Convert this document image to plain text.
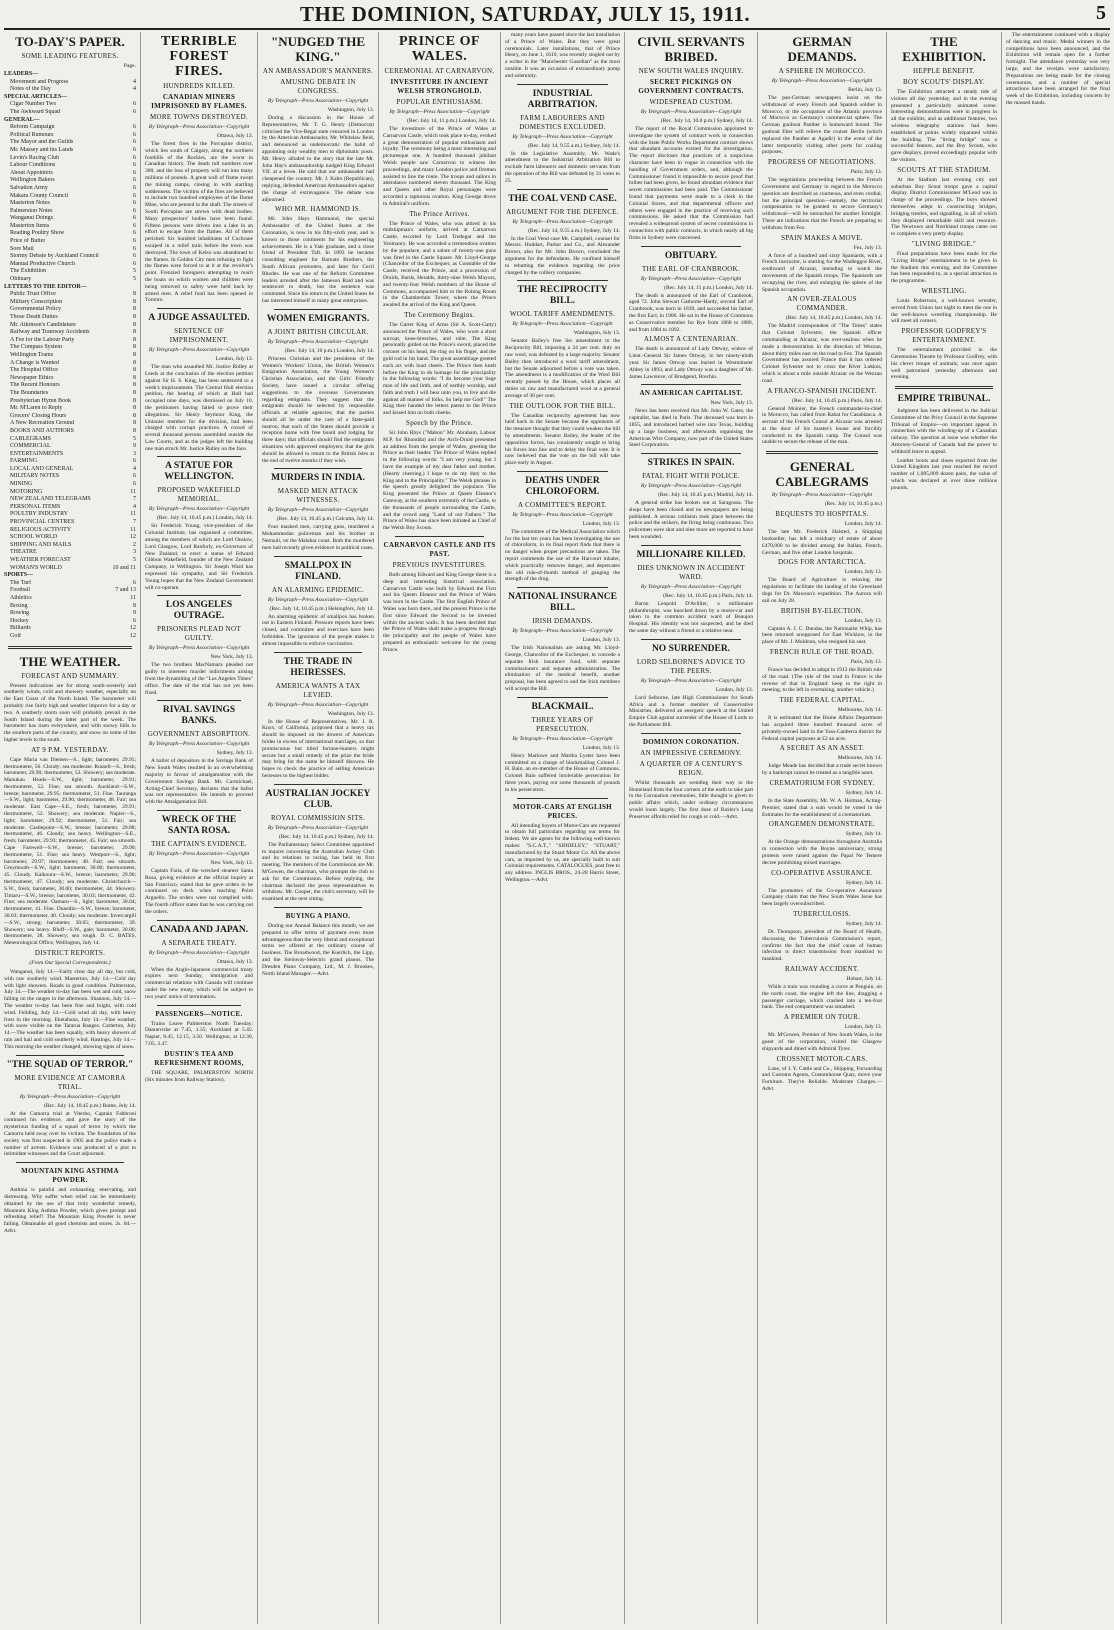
THE DOMINION, SATURDAY, JULY 15, 1911.	5
TO-DAY'S PAPER.
SOME LEADING FEATURES.
Page.
LEADERS—
Movement and Progress	4
Notes of the Day	4
SPECIAL ARTICLES—
Cigar Number Two	6
The Awkward Squad	6
GENERAL—
Reform Campaign	6
Political Rumours	6
The Mayor and the Guilds	6
Mr. Massey and his Lands	6
Levin's Racing Club	6
Labour Conditions	6
About Appointers	6
Wellington Bakers	6
Salvation Army	6
Makara County Council	6
Masterton Notes	6
Palmerston Notes	6
Wanganui Doings	6
Masterton Items	6
Reading Poultry Show	6
Price of Butter	6
Sore Mail	6
Stormy Debate by Auckland Council	6
Manual Productive Church	6
The Exhibition	5
Obituary	5
LETTERS TO THE EDITOR—
Public Trust Office	8
Military Conscription	8
Governmental Policy	8
Those Death Duties	8
Mr. Atkinson's Candidature	8
Railway and Tramway Accidents	8
A Fee for the Labour Party	8
The Compass System	8
Wellington Trams	8
A Change is Wanted	8
The Hospital Office	8
Newspaper Ethics	8
The Recent Honours	8
The Boundaries	8
Presbyterian Hymn Book	8
Mr. M'Laren to Reply	8
Grocers' Closing Hours	8
A New Recreation Ground	8
BOOKS AND AUTHORS	8
CABLEGRAMS	5
COMMERCIAL	9
ENTERTAINMENTS	3
FARMING	6
LOCAL AND GENERAL	4
MILITARY NOTES	6
MINING	6
MOTORING	11
NEW ZEALAND TELEGRAMS	7
PERSONAL ITEMS	4
POULTRY INDUSTRY	11
PROVINCIAL CENTRES	7
RELIGIOUS ACTIVITY	11
SCHOOL WORLD	12
SHIPPING AND MAILS	2
THEATRE	3
WEATHER FORECAST	5
WOMAN'S WORLD	10 and 11
SPORTS—
The Turf	6
Football	7 and 13
Athletics	11
Boxing	8
Rowing	9
Hockey	6
Billiards	12
Golf	12
THE WEATHER.
FORECAST AND SUMMARY.
Present indications are for strong south-westerly and southerly winds, cold and showery weather, especially on the East Coast of the North Island. The barometer will probably rise fairly high and weather improve for a day or two. A southerly storm soon will probably prevail in the South Island during the latter part of the week. The barometer has risen everywhere, and with snowy hills in the southern parts of the country, and snow on some of the higher levels to the south.
AT 9 P.M. YESTERDAY.
Cape Maria van Diemen—S., light; barometer, 29.95; thermometer, 56. Cloudy; sea moderate. Russell—S., fresh; barometer, 29.90; thermometer, 53. Showery; sea moderate. Manukau Heads—S.W., light; barometer, 29.91; thermometer, 52. Fine; sea smooth. Auckland—S.W., breeze; barometer, 29.95; thermometer, 51. Fine. Tauranga—S.W., light; barometer, 29.96; thermometer, 48. Fair; sea moderate. East Cape—S.E., fresh; barometer, 29.91; thermometer, 52. Showery; sea moderate. Napier—S., light; barometer, 29.92; thermometer, 51. Fair; sea moderate. Castlepoint—S.W., breeze; barometer, 29.88; thermometer, 46. Cloudy; sea heavy. Wellington—S.E., fresh; barometer, 29.93; thermometer, 45. Fair; sea smooth. Cape Farewell—S.W., breeze; barometer, 29.90; thermometer, 51. Fine; sea heavy. Westport—S., light; barometer, 29.97; thermometer, 48. Fair; sea smooth. Greymouth—S.W., light; barometer, 30.00; thermometer, 45. Cloudy. Kaikoura—S.W., breeze; barometer, 29.96; thermometer, 47. Cloudy; sea moderate. Christchurch—S.W., fresh; barometer, 30.00; thermometer, 44. Showery. Timaru—S.W., breeze; barometer, 30.03; thermometer, 42. Fine; sea moderate. Oamaru—S., light; barometer, 30.04; thermometer, 41. Fine. Dunedin—S.W., breeze; barometer, 30.03; thermometer, 40. Cloudy; sea moderate. Invercargill—S.W., strong; barometer, 30.05; thermometer, 39. Showery; sea heavy. Bluff—S.W., gale; barometer, 30.06; thermometer, 38. Showery; sea rough. D. C. BATES, Meteorological Office, Wellington, July 14.
DISTRICT REPORTS.
(From Our Special Correspondents.)
Wanganui, July 14.—Fairly clear day all day, but cold, with raw southerly wind. Masterton, July 14.—Cold day with light showers. Roads in good condition. Palmerston, July 14.—The weather to-day has been wet and cold, snow falling on the ranges in the afternoon. Shannon, July 14.—The weather to-day has been fine and bright, with cold wind. Feilding, July 14.—Cold wind all day, with heavy frost in the morning. Eketahuna, July 14.—Fine weather, with snow visible on the Tararua Ranges. Carterton, July 14.—The weather has been squally, with heavy showers of rain and hail and cold southerly wind. Hastings, July 14.—This morning the weather changed, showing signs of snow.
"THE SQUAD OF TERROR."
MORE EVIDENCE AT CAMORRA TRIAL.
By Telegraph—Press Association—Copyright
(Rec. July 14, 10.45 p.m.) Rome, July 14.
At the Camorra trial at Viterbo, Captain Fabbroni continued his evidence, and gave the story of the mysterious funding of a squad of terror by which the Camorra held sway over its victims. The foundation of the society was first suspected in 1905 and the police made a number of arrests. Evidence was produced of a plot to intimidate witnesses and the Court adjourned.
MOUNTAIN KING ASTHMA POWDER.
Asthma is painful and exhausting, enervating, and distressing. Why suffer when relief can be immediately obtained by the use of that truly wonderful remedy, Mountain King Asthma Powder, which gives prompt and refreshing relief? The Mountain King Powder is never failing. Obtainable all good chemists and stores. 2s. 6d.—Advt.
TERRIBLE FOREST FIRES.
HUNDREDS KILLED.
CANADIAN MINERS IMPRISONED BY FLAMES.
MORE TOWNS DESTROYED.
By Telegraph—Press Association—Copyright
Ottawa, July 13.
The forest fires in the Porcupine district, which lies south of Calgary, along the northern foothills of the Rockies, are the worst in Canadian history. The death toll numbers over 300, and the loss of property will run into many millions of pounds. A great wall of flame swept the mining camps, closing in with startling suddenness. The victims of the fires are believed to include two hundred employees of the Dome Mine, who are penned in the shaft. The streets of South Porcupine are strewn with dead bodies. Many prospectors' bodies have been found. Fifteen persons were driven into a lake in an effort to escape from the flames. All of them perished. Six hundred inhabitants of Cochrane escaped in a relief train before the town was destroyed. The town of Kelso was abandoned to the flames. In Golden City men refusing to fight the flames were forced to at it at the revolver's point. Frenzied foreigners attempting to reach the boats on which women and children were being removed to safety were held back by armed men. A relief fund has been opened in Toronto.
A JUDGE ASSAULTED.
SENTENCE OF IMPRISONMENT.
By Telegraph—Press Association—Copyright
London, July 13.
The man who assaulted Mr. Justice Ridley at Leeds at the conclusion of the election petition against Sir H. S. King, has been sentenced to a week's imprisonment. The Central Hull election petition, the hearing of which at Hull had occupied nine days, was dismissed on July 10, the petitioners having failed to prove their allegations. Sir Henry Seymour King, the Unionist member for the division, had been charged with corrupt practices. A crowd of several thousand persons assembled outside the Law Courts, and as the judges left the building one man struck Mr. Justice Ridley on the face.
A STATUE FOR WELLINGTON.
PROPOSED WAKEFIELD MEMORIAL.
By Telegraph—Press Association—Copyright
(Rec. July 14, 10.45 p.m.) London, July 14.
Sir Frederick Young, vice-president of the Colonial Institute, has organised a committee, among the members of which are Lord Onslow, Lord Glasgow, Lord Ranfurly, ex-Governors of New Zealand, to erect a statue of Edward Gibbon Wakefield, founder of the New Zealand Company, in Wellington. Sir Joseph Ward has expressed his sympathy, and Sir Frederick Young hopes that the New Zealand Government will co-operate.
LOS ANGELES OUTRAGE.
PRISONERS PLEAD NOT GUILTY.
By Telegraph—Press Association—Copyright
New York, July 13.
The two brothers MacNamara pleaded not guilty to nineteen murder indictments arising from the dynamiting of the "Los Angeles Times" office. The date of the trial has not yet been fixed.
RIVAL SAVINGS BANKS.
GOVERNMENT ABSORPTION.
By Telegraph—Press Association—Copyright
Sydney, July 13.
A ballot of depositors in the Savings Bank of New South Wales resulted in an overwhelming majority in favour of amalgamation with the Government Savings Bank. Mr. Carmichael, Acting-Chief Secretary, declares that the ballot was not representative. He intends to proceed with the Amalgamation Bill.
WRECK OF THE SANTA ROSA.
THE CAPTAIN'S EVIDENCE.
By Telegraph—Press Association—Copyright
New York, July 13.
Captain Faria, of the wrecked steamer Santa Rosa, giving evidence at the official inquiry at San Francisco, stated that he gave orders to be continued on deck when reaching Point Arguello. The orders were not complied with. The fourth officer states that he was carrying out the orders.
CANADA AND JAPAN.
A SEPARATE TREATY.
By Telegraph—Press Association—Copyright
Ottawa, July 13.
When the Anglo-Japanese commercial treaty expires next Sunday, immigration and commercial relations with Canada will continue under the new treaty, which will be subject to two years' notice of termination.
PASSENGERS—NOTICE.
Trains Leave Palmerston North Tuesday: Dannevirke at 7.45, 1.35; Auckland at 5.45. Napier, 8.45, 12.15, 3.50. Wellington, at 12.30, 7.05, 3.47.
DUSTIN'S TEA AND REFRESHMENT ROOMS,
THE SQUARE, PALMERSTON NORTH (Six minutes from Railway Station).
"NUDGED THE KING."
AN AMBASSADOR'S MANNERS.
AMUSING DEBATE IN CONGRESS.
By Telegraph—Press Association—Copyright
Washington, July 13.
During a discussion in the House of Representatives, Mr. T. G. Henry (Democrat) criticised the Vice-Regal state censured in London by the American Ambassador, Mr. Whitelaw Reid, and denounced as undemocratic the habit of appointing only wealthy men to diplomatic posts. Mr. Henry alluded to the story that the late Mr. John Hay's ambassadorship nudged King Edward VII. at a levee. He said that our ambassador had cheapened the country. Mr. J. Kahn (Republican), replying, defended American Ambassadors against the charge of extravagance. The debate was adjourned.
WHO MR. HAMMOND IS.
Mr. John Hays Hammond, the special Ambassador of the United States at the Coronation, is now in his fifty-sixth year, and is known to those continents for his engineering achievements. He is a Yale graduate, and a close friend of President Taft. In 1893 he became consulting engineer for Barnato Brothers, the South African promoters, and later for Cecil Rhodes. He was one of the Reform Committee leaders arrested after the Jameson Raid and was sentenced to death, but the sentence was commuted. Since his return to the United States he has interested himself in many great enterprises.
WOMEN EMIGRANTS.
A JOINT BRITISH CIRCULAR.
By Telegraph—Press Association—Copyright
(Rec. July 14, 10 p.m.) London, July 14.
Princess Christian and the presidents of the Women's Workers' Union, the British Women's Emigration Association, the Young Women's Christian Association, and the Girls' Friendly Society, have issued a circular offering suggestions to the overseas Governments regarding emigrants. They suggest that the emigrants should be selected by responsible officials at reliable agencies; that the parties should all be under the care of a State-paid matron; that each of the States should provide a reception home with free board and lodging for three days; that officials should find the emigrants situations with approved employers; that the girls should be allowed to return to the British Isles at the end of twelve months if they wish.
MURDERS IN INDIA.
MASKED MEN ATTACK WITNESSES.
By Telegraph—Press Association—Copyright
(Rec. July 14, 10.45 p.m.) Calcutta, July 14.
Four masked men, carrying guns, murdered a Mohammedan policeman and his brother at Netrauli, on the Malabar coast. Both the murdered men had recently given evidence in political cases.
SMALLPOX IN FINLAND.
AN ALARMING EPIDEMIC.
By Telegraph—Press Association—Copyright
(Rec. July 14, 10.45 p.m.) Helsingfors, July 14.
An alarming epidemic of smallpox has broken out in Eastern Finland. Pressure reports have been closed, and committee and exercises have been forbidden. The ignorance of the people makes it almost impossible to enforce vaccination.
THE TRADE IN HEIRESSES.
AMERICA WANTS A TAX LEVIED.
By Telegraph—Press Association—Copyright
Washington, July 13.
In the House of Representatives, Mr. J. R. Knox, of California, proposed that a heavy tax should be imposed on the dowers of American brides in excess of international marriages, so that promiscuous but titled fortune-hunters might secure but a small remedy of the prize the bride may bring for the name he himself disowns. He hopes to check the practice of selling American heiresses to the highest bidder.
AUSTRALIAN JOCKEY CLUB.
ROYAL COMMISSION SITS.
By Telegraph—Press Association—Copyright
(Rec. July 14, 10.45 p.m.) Sydney, July 14.
The Parliamentary Select Committee appointed to inquire concerning the Australian Jockey Club and its relations to racing, has held its first meeting. The members of the Commission are Mr. M'Gowen, the chairman, who prompts the club to ask for the Commission. Before replying, the chairman declared the press representatives to withdraw. Mr. Cooper, the club's secretary, will be examined at the next sitting.
BUYING A PIANO.
During our Annual Balance this month, we are prepared to offer terms of payment even more advantageous than the very liberal and exceptional terms we offered at the ordinary course of business. The Broadwood, the Kuerlich, the Lipp, and the Steinway-Selectric grand pianos. The Dresden Piano Company, Ltd., M. J. Brookes, North Island Manager.—Advt.
PRINCE OF WALES.
CEREMONIAL AT CARNARVON.
INVESTITURE IN ANCIENT WELSH STRONGHOLD.
POPULAR ENTHUSIASM.
By Telegraph—Press Association—Copyright
(Rec. July 14, 11 p.m.) London, July 14.
The investiture of the Prince of Wales at Carnarvon Castle, which took place to-day, evoked a great demonstration of popular enthusiasm and loyalty. The ceremony being a most interesting and picturesque one. A hundred thousand jubilant Welsh people saw Carnarvon to witness the proceedings, and many London police and firemen assisted to line the route. The troops and sailors in attendance numbered eleven thousand. The King and Queen and other Royal personages were accorded a rapturous ovation. King George drove in Admiral's uniform.
The Prince Arrives.
The Prince of Wales, who was attired in his midshipman's uniform, arrived at Carnarvon Castle, escorted by Lord Tredegar and the Yeomanry. He was accorded a tremendous ovation by the populace, and a salute of twenty-one guns was fired in the Castle Square. Mr. Lloyd-George (Chancellor of the Exchequer, as Constable of the Castle, received the Prince, and a procession of Druids, Bards, Heralds, thirty-nine Welsh Mayors, and twenty-four Welsh members of the House of Commons, accompanied him to the Robing Room in the Chamberlain Tower, where the Prince awaited the arrival of the King and Queen.
The Ceremony Begins.
The Garter King of Arms (Sir A. Scott-Gatty) announced the Prince of Wales, who wore a short surcoat, knee-breeches, and robe. The King personally girded on the Prince's sword, placed the coronet on his head, the ring on his finger, and the gold rod in his hand. The great assemblage greeted each act with loud cheers. The Prince then knelt before the King to do homage for the principality in the following words: "I do become your liege man of life and limb, and of earthly worship, and faith and truth I will bear unto you, to live and die against all manner of folks. So help me God!" The King then handed the letters patent to the Prince and kissed him on both cheeks.
Speech by the Prince.
Sir John Rhys ("Mabon" Mr. Abraham, Labour M.P. for Rhondda) and the Arch-Druid presented an address from the people of Wales, greeting the Prince as their leader. The Prince of Wales replied in the following words: "I am very young, but I have the example of my dear father and mother. (Hearty cheering.) I hope to do my duty to the King and to the Principality." The Welsh phrases in the speech greatly delighted the populace. The King presented the Prince at Queen Eleanor's Gateway, at the southern extremity of the Castle, to the thousands of people surrounding the Castle, and the crowd sang "Land of our Fathers." The Prince of Wales has since been initiated as Chief of the Welsh Boy Scouts.
CARNARVON CASTLE AND ITS PAST.
PREVIOUS INVESTITURES.
Both among Edward and King George there is a deep and interesting historical association. Carnarvon Castle was built by Edward the First and his Queen Eleanor and the Prince of Wales was born in the Castle. The first English Prince of Wales was born there, and the present Prince is the first since Edward the Second to be invested within the ancient walls. It has been decided that the Prince of Wales shall make a progress through the principality and the people of Wales have prepared an enthusiastic welcome for the young Prince.
many years have passed since the last installation of a Prince of Wales. But they were great ceremonials. Later installations, that of Prince Henry, on June 1, 1610, was recently singled out by a writer in the "Manchester Guardian" as the most notable. It was an occasion of extraordinary pomp and solemnity.
INDUSTRIAL ARBITRATION.
FARM LABOURERS AND DOMESTICS EXCLUDED.
By Telegraph—Press Association—Copyright
(Rec. July 14, 9.55 a.m.) Sydney, July 14.
In the Legislative Assembly, Mr. Wade's amendment to the Industrial Arbitration Bill to exclude farm labourers and domestic servants from the operation of the Bill was defeated by 31 votes to 25.
THE COAL VEND CASE.
ARGUMENT FOR THE DEFENCE.
By Telegraph—Press Association—Copyright
(Rec. July 14, 9.55 a.m.) Sydney, July 14.
In the Coal Vend case Mr. Campbell, counsel for Messrs. Huddart, Parker and Co., and Alexander Brown, also for Mr. John Brown, concluded the argument for the defendants. He confined himself to rebutting the evidence regarding the price charged by the colliery companies.
THE RECIPROCITY BILL.
WOOL TARIFF AMENDMENTS.
By Telegraph—Press Association—Copyright
Washington, July 13.
Senator Bailey's free list amendment to the Reciprocity Bill, imposing a 24 per cent. duty on raw wool, was defeated by a large majority. Senator Bailey then introduced a wool tariff amendment, but the Senate adjourned before a vote was taken. The amendment is a modification of the Wool Bill recently passed by the House, which places all duties on raw and manufactured wool at a general average of 30 per cent.
THE OUTLOOK FOR THE BILL.
The Canadian reciprocity agreement has now held back in the Senate because the opponents of the measure thought that they could weaken the bill by amendments. Senator Bailey, the leader of the opposition forces, has consistently sought to bring his forces into line and to delay the final vote. It is now believed that the vote on the bill will take place early in August.
DEATHS UNDER CHLOROFORM.
A COMMITTEE'S REPORT.
By Telegraph—Press Association—Copyright
London, July 13.
The committee of the Medical Association which for the last ten years has been investigating the use of chloroform, in its final report finds that there is no danger when proper precautions are taken. The report commends the use of the Harcourt inhaler, which practically removes danger, and deprecates the old rule-of-thumb method of gauging the strength of the drug.
NATIONAL INSURANCE BILL.
IRISH DEMANDS.
By Telegraph—Press Association—Copyright
London, July 13.
The Irish Nationalists are asking Mr. Lloyd-George, Chancellor of the Exchequer, to concede a separate Irish insurance fund, with separate commissioners and separate administration. The elimination of the medical benefit, another proposal, has been agreed to and the Irish members will accept the Bill.
BLACKMAIL.
THREE YEARS OF PERSECUTION.
By Telegraph—Press Association—Copyright
London, July 13.
Henry Marlowe and Martha Lyster have been committed on a charge of blackmailing Colonel J. H. Bain, an ex-member of the House of Commons. Colonel Bain suffered intolerable persecution for three years, paying out some thousands of pounds to his persecutors.
MOTOR-CARS AT ENGLISH PRICES.
All intending buyers of Motor-Cars are requested to obtain full particulars regarding our terms for Indent. We are agents for the following well-known makes: "S.C.A.T.," "SIDDELEY," "STUART," manufactured by the Stuart Motor Co. All the above cars, as imported by us, are specially built to suit Colonial requirements. CATALOGUES, post free to any address. INGLIS BROS., 24-28 Harris Street, Wellington.—Advt.
CIVIL SERVANTS BRIBED.
NEW SOUTH WALES INQUIRY.
SECRET PICKINGS ON GOVERNMENT CONTRACTS.
WIDESPREAD CUSTOM.
By Telegraph—Press Association—Copyright
(Rec. July 14, 10.0 p.m.) Sydney, July 14.
The report of the Royal Commission appointed to investigate the system of contract work in connection with the State Public Works Department contract shows that abundant accounts existed for the investigation. The report discloses that practices of a suspicious character have been in vogue in connection with the handling of Government orders, and, although the Commissioner found it impossible to secure proof that bribes had been given, he found abundant evidence that secret commissions had been paid. The Commissioner found that payments were made to a clerk in the Colonial Stores, and that departmental officers and others were engaged in the practice of receiving such commissions. He asked that the Commission had revealed a widespread system of secret commissions in connection with public contracts, in which nearly all big firms in Sydney were concerned.
OBITUARY.
THE EARL OF CRANBROOK.
By Telegraph—Press Association—Copyright
(Rec. July 14, 11 p.m.) London, July 14.
The death is announced of the Earl of Cranbrook, aged 72. John Stewart Gathorne-Hardy, second Earl of Cranbrook, was born in 1839, and succeeded his father, the first Earl, in 1906. He sat in the House of Commons as Conservative member for Rye from 1868 to 1880, and from 1884 to 1892.
ALMOST A CENTENARIAN.
The death is announced of Lady Ottway, widow of Lieut.-General Sir James Ottway, in her ninety-ninth year. Sir James Ottway was buried in Westminster Abbey in 1893, and Lady Ottway was a daughter of Mr. James Lawrence, of Brodgend, Brechin.
AN AMERICAN CAPITALIST.
New York, July 13.
News has been received that Mr. John W. Gates, the capitalist, has died in Paris. The deceased was born in 1855, and introduced barbed wire into Texas, building up a large business, and afterwards organising the American Wire Company, now part of the United States Steel Corporation.
STRIKES IN SPAIN.
FATAL FIGHT WITH POLICE.
By Telegraph—Press Association—Copyright
(Rec. July 14, 10.45 p.m.) Madrid, July 14.
A general strike has broken out at Saragossa. The shops have been closed and no newspapers are being published. A serious collision took place between the police and the strikers, the firing being continuous. Two policemen were shot and nine more are reported to have been wounded.
MILLIONAIRE KILLED.
DIES UNKNOWN IN ACCIDENT WARD.
By Telegraph—Press Association—Copyright
(Rec. July 14, 10.45 p.m.) Paris, July 14.
Baron Leopold D'Avillier, a millionaire philanthropist, was knocked down by a motor-car and taken to the common accident ward of Beaujon Hospital. His identity was not suspected, and he died the same day without a friend or a relative near.
NO SURRENDER.
LORD SELBORNE'S ADVICE TO THE PEERS.
By Telegraph—Press Association—Copyright
London, July 13.
Lord Selborne, late High Commissioner for South Africa and a former member of Conservative Ministries, delivered an energetic speech at the United Empire Club against surrender of the House of Lords to the Parliament Bill.
DOMINION CORONATION.
AN IMPRESSIVE CEREMONY.
A QUARTER OF A CENTURY'S REIGN.
Whilst thousands are wending their way to the Homeland from the four corners of the earth to take part in the Coronation ceremonies, little thought is given to public affairs which, under ordinary circumstances would loom largely. The first dose of Baxter's Lung Preserver affords relief for cough or cold.—Advt.
GERMAN DEMANDS.
A SPHERE IN MOROCCO.
By Telegraph—Press Association—Copyright
Berlin, July 13.
The pan-German newspapers insist on the withdrawal of every French and Spanish soldier in Morocco, or the occupation of the Atlantic province of Morocco as Germany's commercial sphere. The German gunboat Panther is homeward bound. The gunboat Eber will relieve the cruiser Berlin (which replaced the Panther at Agadir) in the event of the latter temporarily visiting other ports for coaling purposes.
PROGRESS OF NEGOTIATIONS.
Paris, July 13.
The negotiations proceeding between the French Government and Germany in regard to the Morocco question are described as courteous, and even cordial, but the principal question—namely, the territorial compensation to be granted to secure Germany's withdrawal—will be untouched for another fortnight. There are indications that the French are preparing to withdraw from Fez.
SPAIN MAKES A MOVE.
Fez, July 13.
A force of a hundred and sixty Spaniards, with a French instructor, is starting for the Wadleggos River, southward of Alcazar, intending to watch the movements of the Spanish troops. The Spaniards are occupying the river, and enlarging the sphere of the Spanish occupation.
AN OVER-ZEALOUS COMMANDER.
(Rec. July 14, 10.45 p.m.) London, July 14.
The Madrid correspondent of "The Times" states that Colonel Sylvestre, the Spanish officer commanding at Alcazar, was over-zealous when he made a demonstration in the direction of Wezzan, about thirty miles east on the road to Fez. The Spanish Government has assured France that it has ordered Colonel Sylvestre not to cross the River Lukkus, which is about a mile outside Alcazar on the Wezzan road.
A FRANCO-SPANISH INCIDENT.
(Rec. July 14, 10.45 p.m.) Paris, July 14.
General Moinier, the French commander-in-chief in Morocco, has called from Rabat for Casablanca. A servant of the French Consul at Alcazar was arrested at the door of his master's house and forcibly conducted to the Spanish camp. The Consul was unable to secure the release of the man.
GENERAL CABLEGRAMS
By Telegraph—Press Association—Copyright
(Rec. July 14, 10.45 p.m.)
BEQUESTS TO HOSPITALS.
London, July 14.
The late Mr. Frederick Halsted, a Shipping bookseller, has left a residuary of estate of about £470,000 to be divided among the Italian, French, German, and five other London hospitals.
DOGS FOR ANTARCTICA.
London, July 13.
The Board of Agriculture is relaxing the regulations to facilitate the landing of the Greenland dogs for Dr. Mawson's expedition. The Aurora will sail on July 28.
BRITISH BY-ELECTION.
London, July 13.
Captain A. J. C. Dundas, the Nationalist Whip, has been returned unopposed for East Wicklow, in the place of Mr. J. Muldoon, who resigned his seat.
FRENCH RULE OF THE ROAD.
Paris, July 13.
France has decided to adopt in 1912 the British rule of the road. (The rule of the road in France is the reverse of that in England: keep to the right in meeting, to the left in overtaking, another vehicle.)
THE FEDERAL CAPITAL.
Melbourne, July 14.
It is estimated that the Home Affairs Department has acquired three hundred thousand acres of privately-owned land in the Yass-Canberra district for Federal capital purposes at £2 an acre.
A SECRET AS AN ASSET.
Melbourne, July 14.
Judge Meade has decided that a trade secret known by a bankrupt cannot be treated as a tangible asset.
CREMATORIUM FOR SYDNEY.
Sydney, July 14.
In the State Assembly, Mr. W. A. Holman, Acting-Premier, stated that a sum would be voted in the Estimates for the establishment of a crematorium.
ORANGEMEN DEMONSTRATE.
Sydney, July 14.
At the Orange demonstrations throughout Australia in connection with the Boyne anniversary, strong protests were raised against the Papal Ne Temere decree prohibiting mixed marriages.
CO-OPERATIVE ASSURANCE.
Sydney, July 14.
The promoters of the Co-operative Assurance Company claim that the New South Wales Issue has been largely oversubscribed.
TUBERCULOSIS.
Sydney, July 14.
Dr. Thompson, president of the Board of Health, discussing the Tuberculosis Commission's report, confirms the fact that the chief cause of human infection is direct transmission from mankind to mankind.
RAILWAY ACCIDENT.
Hobart, July 14.
While a train was rounding a curve at Penguin, on the north coast, the engine left the line, dragging a passenger carriage, which crashed into a ten-foot bank. The end compartment was smashed.
A PREMIER ON TOUR.
London, July 13.
Mr. M'Gowen, Premier of New South Wales, is the guest of the corporation, visited the Glasgow shipyards and dined with Admiral Tyrer.
CROSSNET MOTOR-CARS.
Lane, of J. Y. Cattle and Co., Shipping, Forwarding and Customs Agents, Customhouse Quay, move your Furniture. They're Reliable. Moderate Charges.—Advt.
THE EXHIBITION.
HEPPLE BENEFIT.
BOY SCOUTS' DISPLAY.
The Exhibition attracted a steady tide of visitors all day yesterday, and in the evening presented a particularly animated scene. Interesting demonstrations were in progress in all the exhibits, and as additional features, two wireless telegraphy stations had been established at points widely separated within the building. The "living bridge" was a successful feature, and the Boy Scouts, who gave displays, proved exceedingly popular with the visitors.
SCOUTS AT THE STADIUM.
At the Stadium last evening city and suburban Boy Scout troops gave a capital display. District Commissioner M'Leod was in charge of the proceedings. The boys showed themselves adept in constructing bridges, bridging trestles, and signalling, in all of which they displayed remarkable skill and resource. The Newtown and Northland troops came out to complete a very pretty display.
"LIVING BRIDGE."
Final preparations have been made for the "Living Bridge" entertainment to be given in the Stadium this evening, and the Committee has been responded to, as a special attraction in the programme.
WRESTLING.
Louis Robertson, a well-known wrestler, served from Union last night to meet the one in the well-known wrestling championship. He will meet all comers.
PROFESSOR GODFREY'S ENTERTAINMENT.
The entertainment provided in the Ceremonies Theatre by Professor Godfrey, with his clever troupe of animals, was once again well patronised yesterday afternoon and evening.
EMPIRE TRIBUNAL.
Judgment has been delivered in the Judicial Committee of the Privy Council in the Supreme Tribunal of Empire—on important appeal in connection with the winding-up of a Canadian railway. The question at issue was whether the Attorney-General of Canada had the power to withhold leave to appeal.
Leather boots and shoes exported from the United Kingdom last year reached the record number of 1,085,809 dozen pairs, the value of which was declared at over three millions pounds.
The entertainment continued with a display of dancing and music. Medal winners in the competitions have been announced, and the Exhibition will remain open for a further fortnight. The attendance yesterday was very large, and the receipts were satisfactory. Preparations are being made for the closing ceremonies, and a number of special attractions have been arranged for the final week of the Exhibition, including concerts by the massed bands.
